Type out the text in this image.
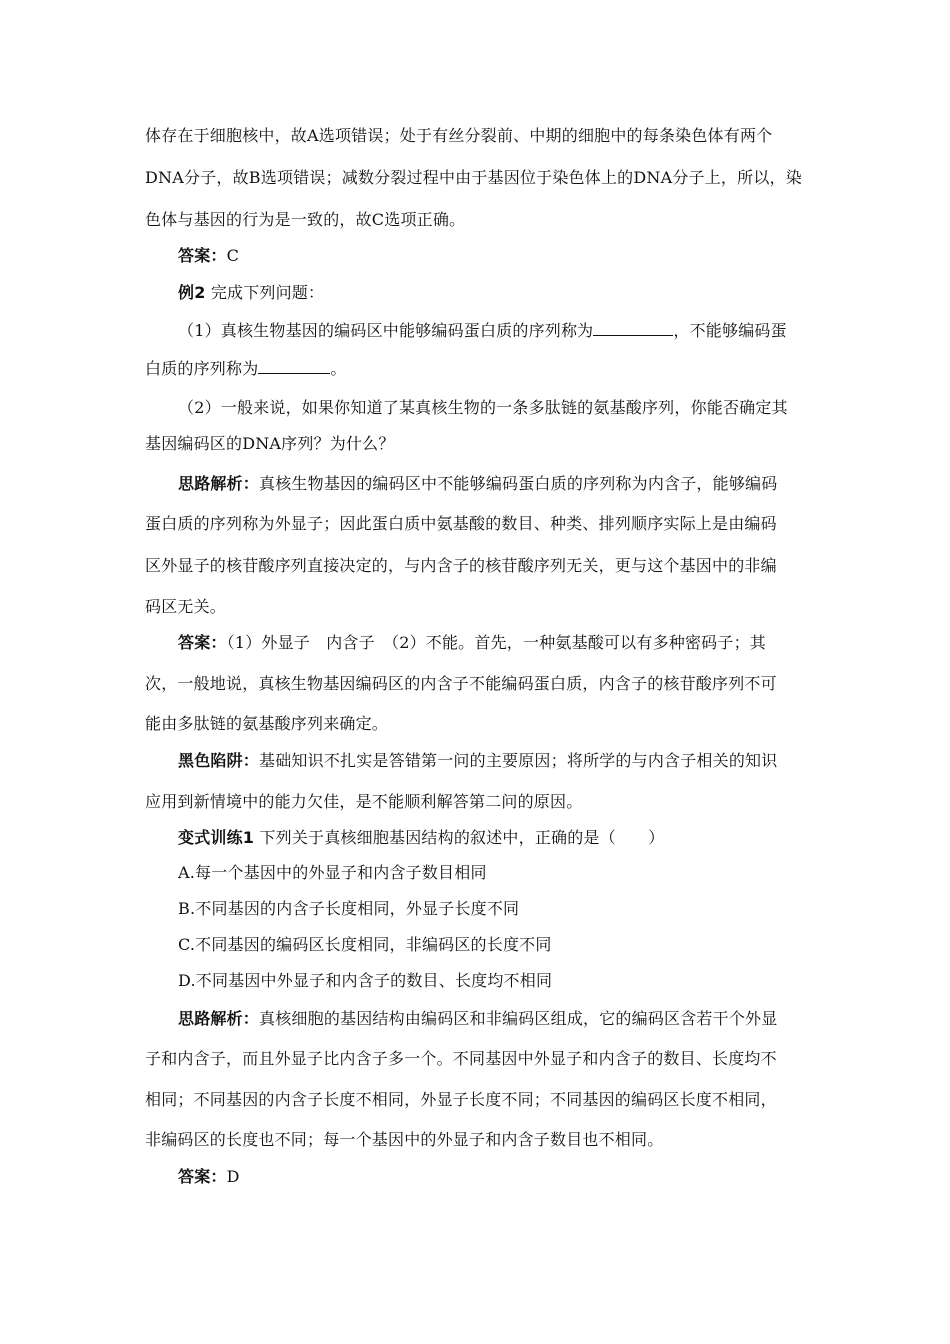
体存在于细胞核中，故A选项错误；处于有丝分裂前、中期的细胞中的每条染色体有两个
DNA分子，故B选项错误；减数分裂过程中由于基因位于染色体上的DNA分子上，所以，染
色体与基因的行为是一致的，故C选项正确。
答案：C
例2 完成下列问题：
（1）真核生物基因的编码区中能够编码蛋白质的序列称为	，不能够编码蛋
白质的序列称为	。
（2）一般来说，如果你知道了某真核生物的一条多肽链的氨基酸序列，你能否确定其
基因编码区的DNA序列？为什么？
思路解析：真核生物基因的编码区中不能够编码蛋白质的序列称为内含子，能够编码
蛋白质的序列称为外显子；因此蛋白质中氨基酸的数目、种类、排列顺序实际上是由编码
区外显子的核苷酸序列直接决定的，与内含子的核苷酸序列无关，更与这个基因中的非编
码区无关。
答案：（1）外显子　内含子　（2）不能。首先，一种氨基酸可以有多种密码子；其
次，一般地说，真核生物基因编码区的内含子不能编码蛋白质，内含子的核苷酸序列不可
能由多肽链的氨基酸序列来确定。
黑色陷阱：基础知识不扎实是答错第一问的主要原因；将所学的与内含子相关的知识
应用到新情境中的能力欠佳，是不能顺利解答第二问的原因。
变式训练1 下列关于真核细胞基因结构的叙述中，正确的是（　　）
A.每一个基因中的外显子和内含子数目相同
B.不同基因的内含子长度相同，外显子长度不同
C.不同基因的编码区长度相同，非编码区的长度不同
D.不同基因中外显子和内含子的数目、长度均不相同
思路解析：真核细胞的基因结构由编码区和非编码区组成，它的编码区含若干个外显
子和内含子，而且外显子比内含子多一个。不同基因中外显子和内含子的数目、长度均不
相同；不同基因的内含子长度不相同，外显子长度不同；不同基因的编码区长度不相同，
非编码区的长度也不同；每一个基因中的外显子和内含子数目也不相同。
答案：D
